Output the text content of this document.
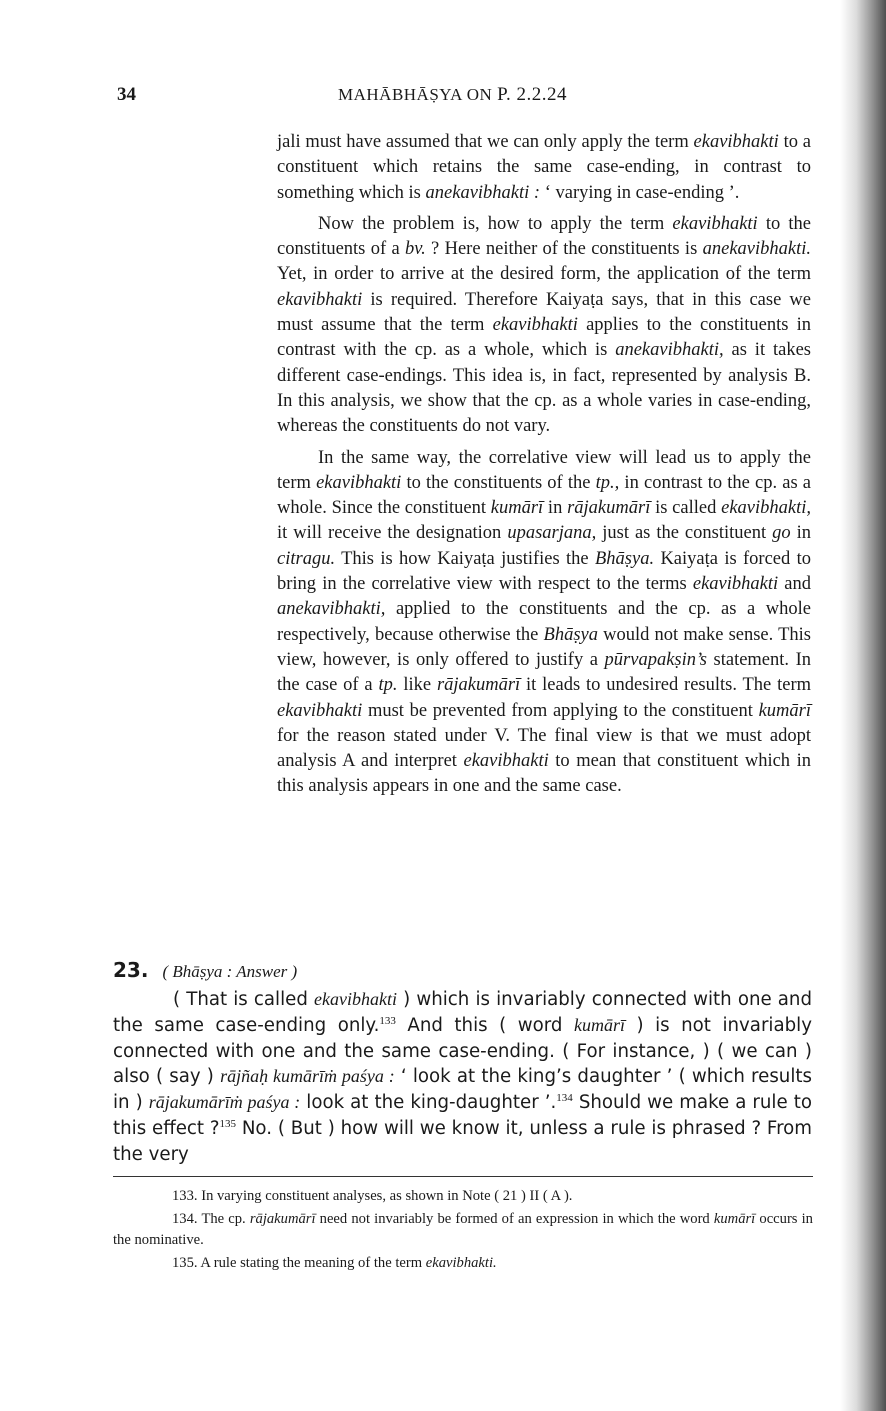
34	MAHĀBHĀṢYA ON P. 2.2.24

jali must have assumed that we can only apply the term ekavibhakti to a constituent which retains the same case-ending, in contrast to something which is anekavibhakti : ‘ varying in case-ending ’.

Now the problem is, how to apply the term ekavibhakti to the constituents of a bv. ? Here neither of the constituents is anekavibhakti. Yet, in order to arrive at the desired form, the application of the term ekavibhakti is required. Therefore Kaiyaṭa says, that in this case we must assume that the term ekavibhakti applies to the constituents in contrast with the cp. as a whole, which is anekavibhakti, as it takes different case-endings. This idea is, in fact, represented by analysis B. In this analysis, we show that the cp. as a whole varies in case-ending, whereas the constituents do not vary.

In the same way, the correlative view will lead us to apply the term ekavibhakti to the constituents of the tp., in contrast to the cp. as a whole. Since the constituent kumārī in rājakumārī is called ekavibhakti, it will receive the designation upasarjana, just as the constituent go in citragu. This is how Kaiyaṭa justifies the Bhāṣya. Kaiyaṭa is forced to bring in the correlative view with respect to the terms ekavibhakti and anekavibhakti, applied to the constituents and the cp. as a whole respectively, because otherwise the Bhāṣya would not make sense. This view, however, is only offered to justify a pūrvapakṣin’s statement. In the case of a tp. like rājakumārī it leads to undesired results. The term ekavibhakti must be prevented from applying to the constituent kumārī for the reason stated under V. The final view is that we must adopt analysis A and interpret ekavibhakti to mean that constituent which in this analysis appears in one and the same case.

23. ( Bhāṣya : Answer )

( That is called ekavibhakti ) which is invariably connected with one and the same case-ending only.$^{133}$ And this ( word kumārī ) is not invariably connected with one and the same case-ending. ( For instance, ) ( we can ) also ( say ) rājñaḥ kumārīṁ paśya : ‘ look at the king’s daughter ’ ( which results in ) rājakumārīṁ paśya : look at the king-daughter ’.$^{134}$ Should we make a rule to this effect ?$^{135}$ No. ( But ) how will we know it, unless a rule is phrased ? From the very

133. In varying constituent analyses, as shown in Note ( 21 ) II ( A ).

134. The cp. rājakumārī need not invariably be formed of an expression in which the word kumārī occurs in the nominative.

135. A rule stating the meaning of the term ekavibhakti.
